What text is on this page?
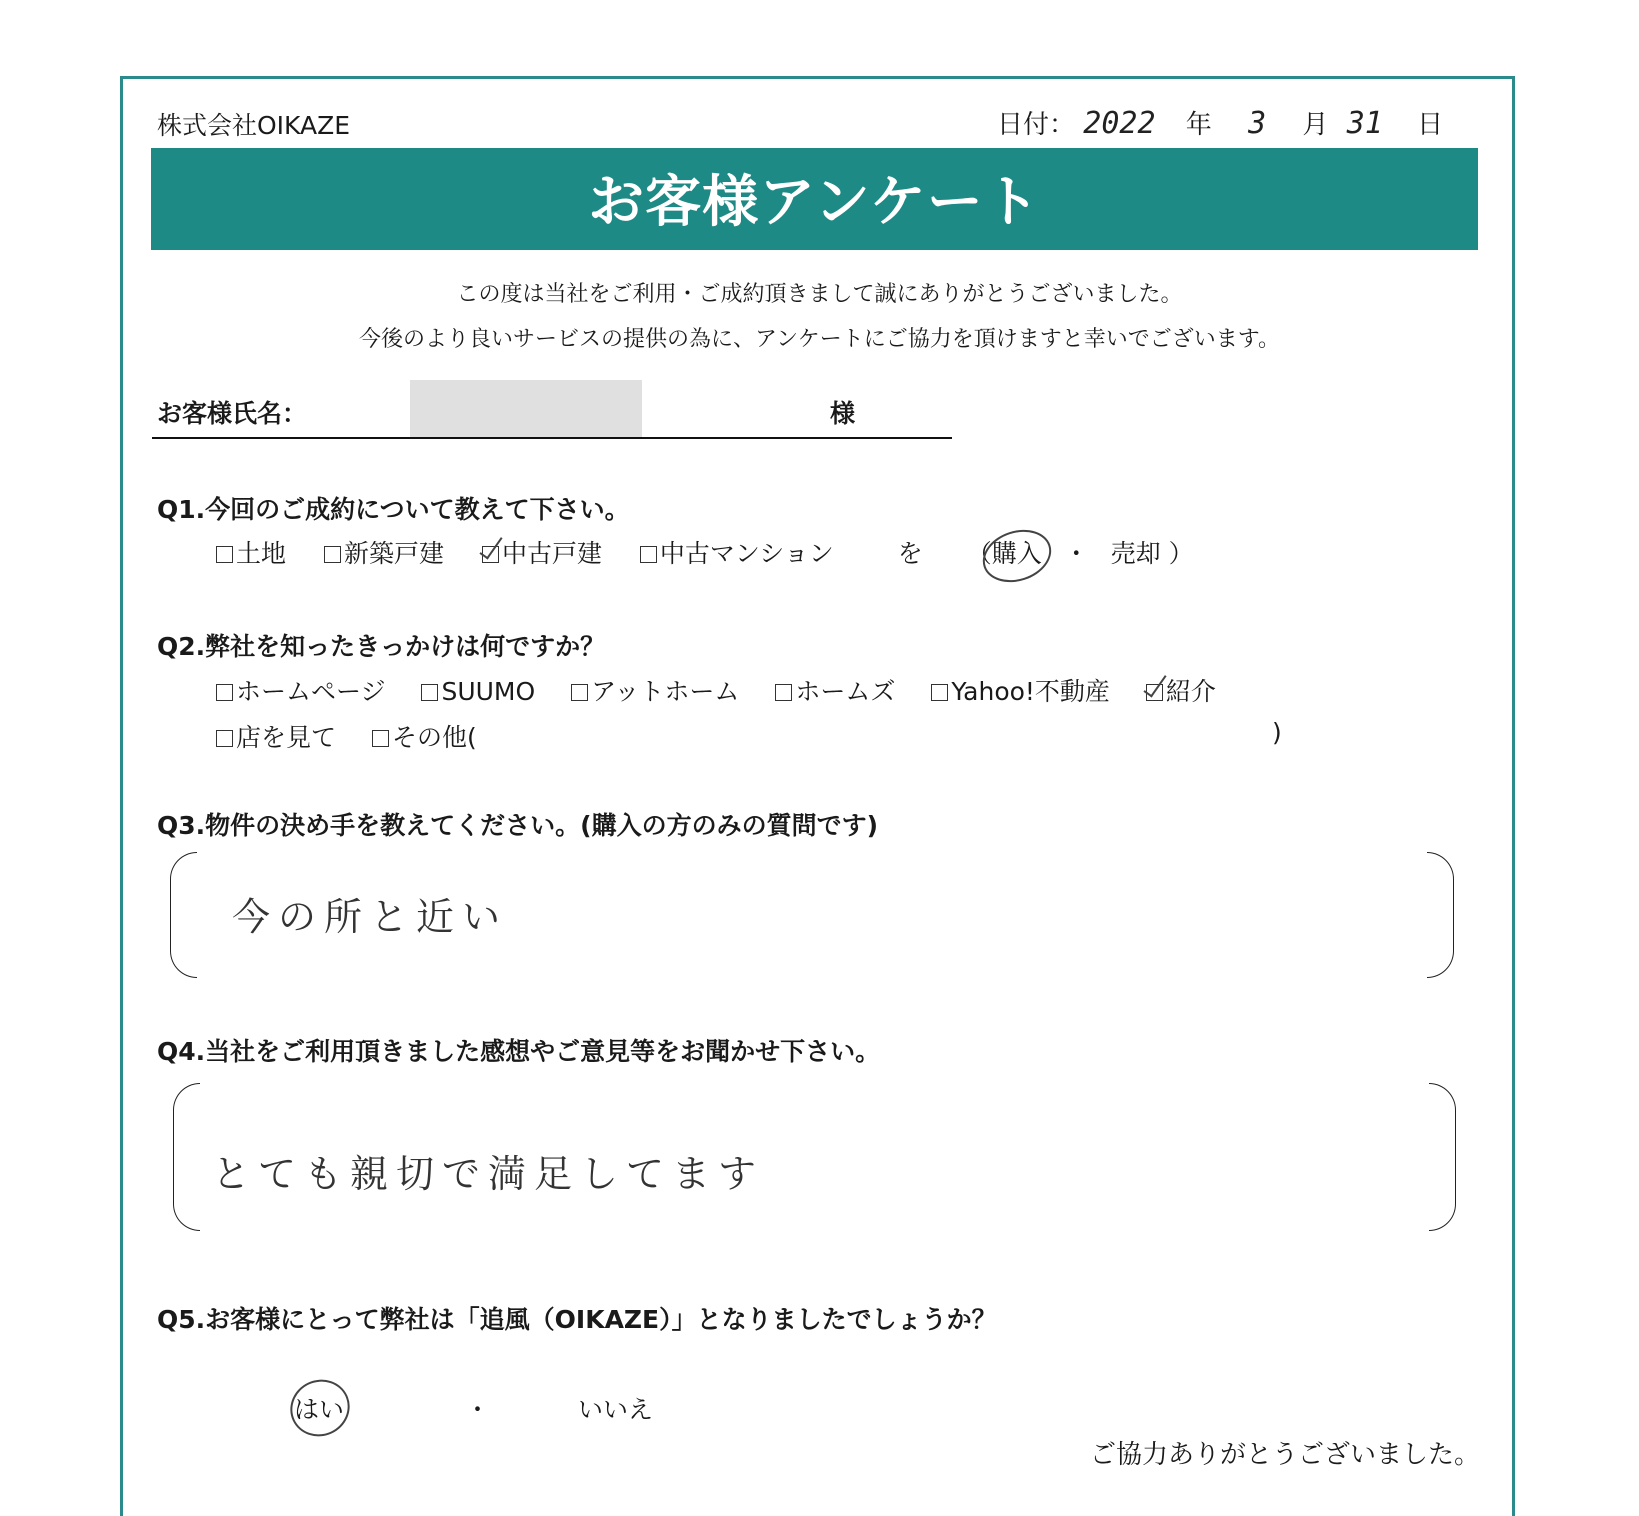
株式会社OIKAZE	日付： 2022 年 3 月 31 日
お客様アンケート
この度は当社をご利用・ご成約頂きまして誠にありがとうございました。
今後のより良いサービスの提供の為に、アンケートにご協力を頂けますと幸いでございます。
お客様氏名：	様
Q1.今回のご成約について教えて下さい。
土地 新築戸建 中古戸建 中古マンション	を （購入 ・ 売却 ）
Q2.弊社を知ったきっかけは何ですか？
ホームページ SUUMO アットホーム ホームズ Yahoo!不動産 紹介
店を見て その他(	)
Q3.物件の決め手を教えてください。(購入の方のみの質問です)
今の所と近い
Q4.当社をご利用頂きました感想やご意見等をお聞かせ下さい。
とても親切で満足してます
Q5.お客様にとって弊社は「追風（OIKAZE）」となりましたでしょうか？
はい	・	いいえ
ご協力ありがとうございました。
